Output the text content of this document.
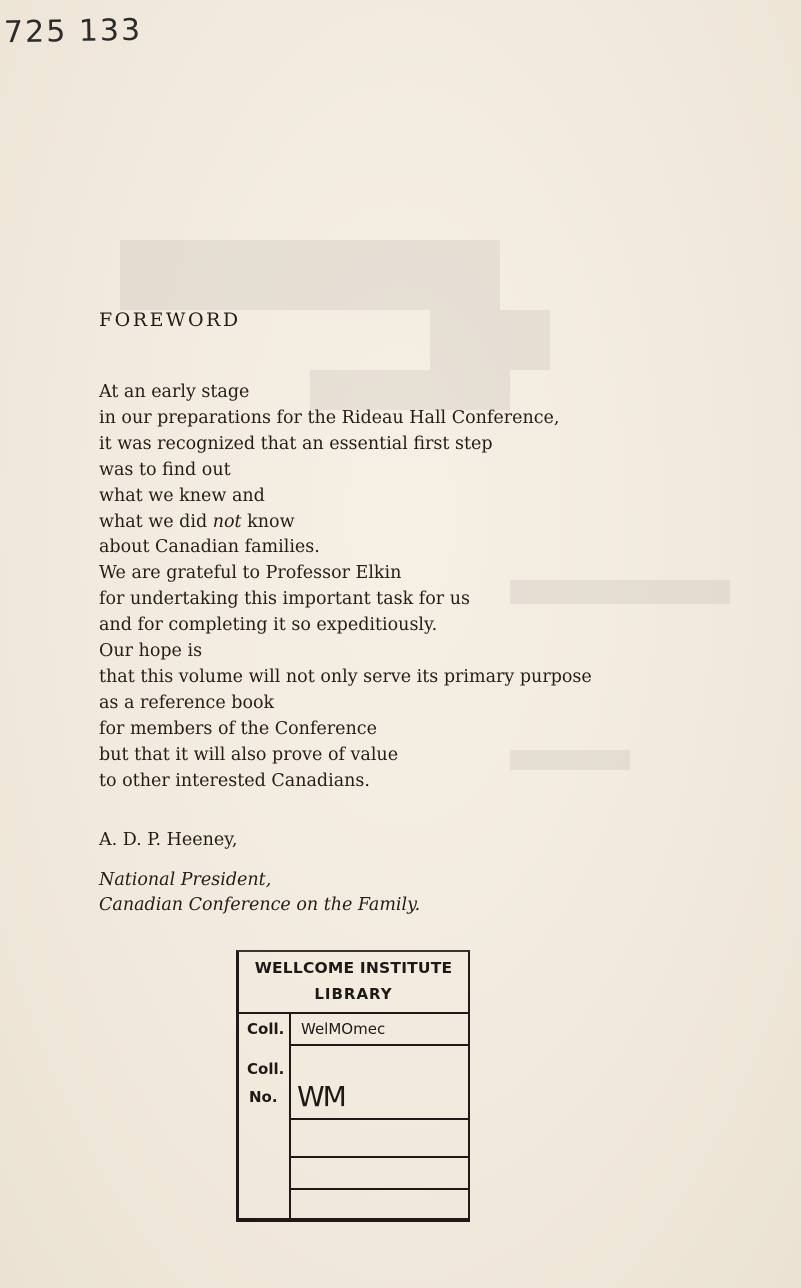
725 133
FOREWORD
At an early stage
in our preparations for the Rideau Hall Conference,
it was recognized that an essential first step
was to find out
what we knew and
what we did not know
about Canadian families.
We are grateful to Professor Elkin
for undertaking this important task for us
and for completing it so expeditiously.
Our hope is
that this volume will not only serve its primary purpose
as a reference book
for members of the Conference
but that it will also prove of value
to other interested Canadians.
A. D. P. Heeney,
National President,
Canadian Conference on the Family.
WELLCOME INSTITUTE
LIBRARY
Coll. WelMOmec
Coll.
No. WM
